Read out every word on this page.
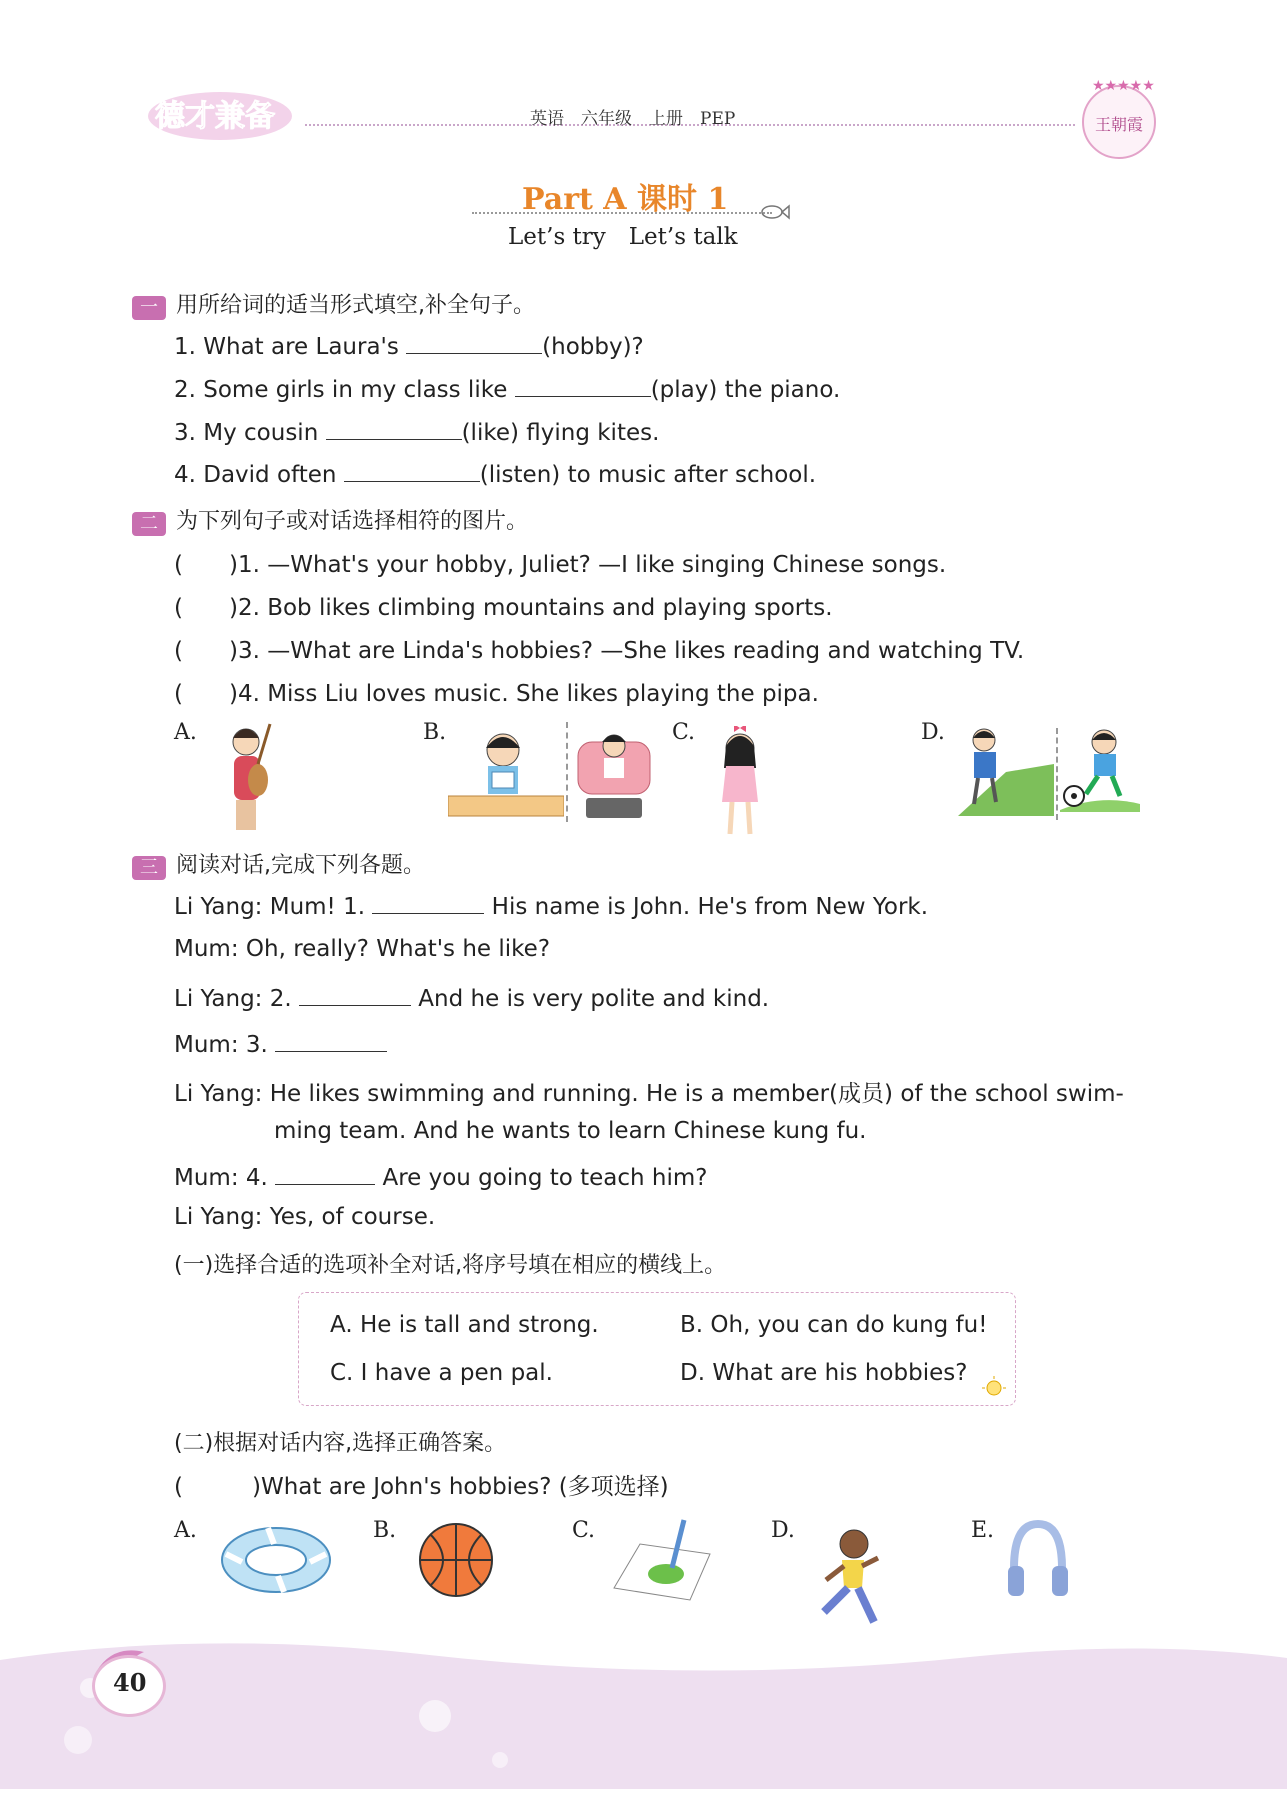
德才兼备	英语　六年级　上册　PEP
★★★★★
王朝霞
Part A 课时 1
Let’s try　Let’s talk
一 用所给词的适当形式填空,补全句子。
1. What are Laura's	(hobby)?
2. Some girls in my class like	(play) the piano.
3. My cousin	(like) flying kites.
4. David often	(listen) to music after school.
二 为下列句子或对话选择相符的图片。
(　　)1. —What's your hobby, Juliet? —I like singing Chinese songs.
(　　)2. Bob likes climbing mountains and playing sports.
(　　)3. —What are Linda's hobbies? —She likes reading and watching TV.
(　　)4. Miss Liu loves music. She likes playing the pipa.
A.	B.	C.	D.
三 阅读对话,完成下列各题。
Li Yang: Mum! 1.	His name is John. He's from New York.
Mum: Oh, really? What's he like?
Li Yang: 2.	And he is very polite and kind.
Mum: 3.
Li Yang: He likes swimming and running. He is a member(成员) of the school swim-
ming team. And he wants to learn Chinese kung fu.
Mum: 4.	Are you going to teach him?
Li Yang: Yes, of course.
(一)选择合适的选项补全对话,将序号填在相应的横线上。
A. He is tall and strong.	B. Oh, you can do kung fu!
C. I have a pen pal.	D. What are his hobbies?
(二)根据对话内容,选择正确答案。
(　　　)What are John's hobbies? (多项选择)
A.	B.	C.	D.	E.
40
